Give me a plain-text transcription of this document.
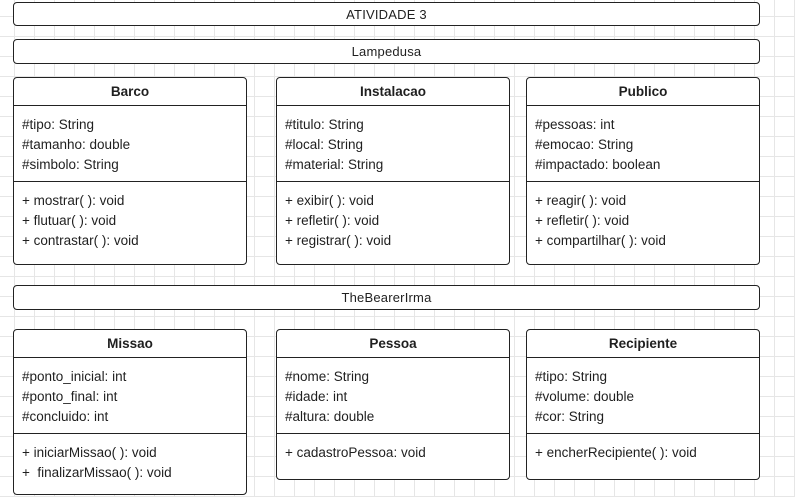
ATIVIDADE 3
Lampedusa
Barco
#tipo: String
#tamanho: double
#simbolo: String
+ mostrar( ): void
+ flutuar( ): void
+ contrastar( ): void
Instalacao
#titulo: String
#local: String
#material: String
+ exibir( ): void
+ refletir( ): void
+ registrar( ): void
Publico
#pessoas: int
#emocao: String
#impactado: boolean
+ reagir( ): void
+ refletir( ): void
+ compartilhar( ): void
TheBearerIrma
Missao
#ponto_inicial: int
#ponto_final: int
#concluido: int
+ iniciarMissao( ): void
+  finalizarMissao( ): void
Pessoa
#nome: String
#idade: int
#altura: double
+ cadastroPessoa: void
Recipiente
#tipo: String
#volume: double
#cor: String
+ encherRecipiente( ): void
